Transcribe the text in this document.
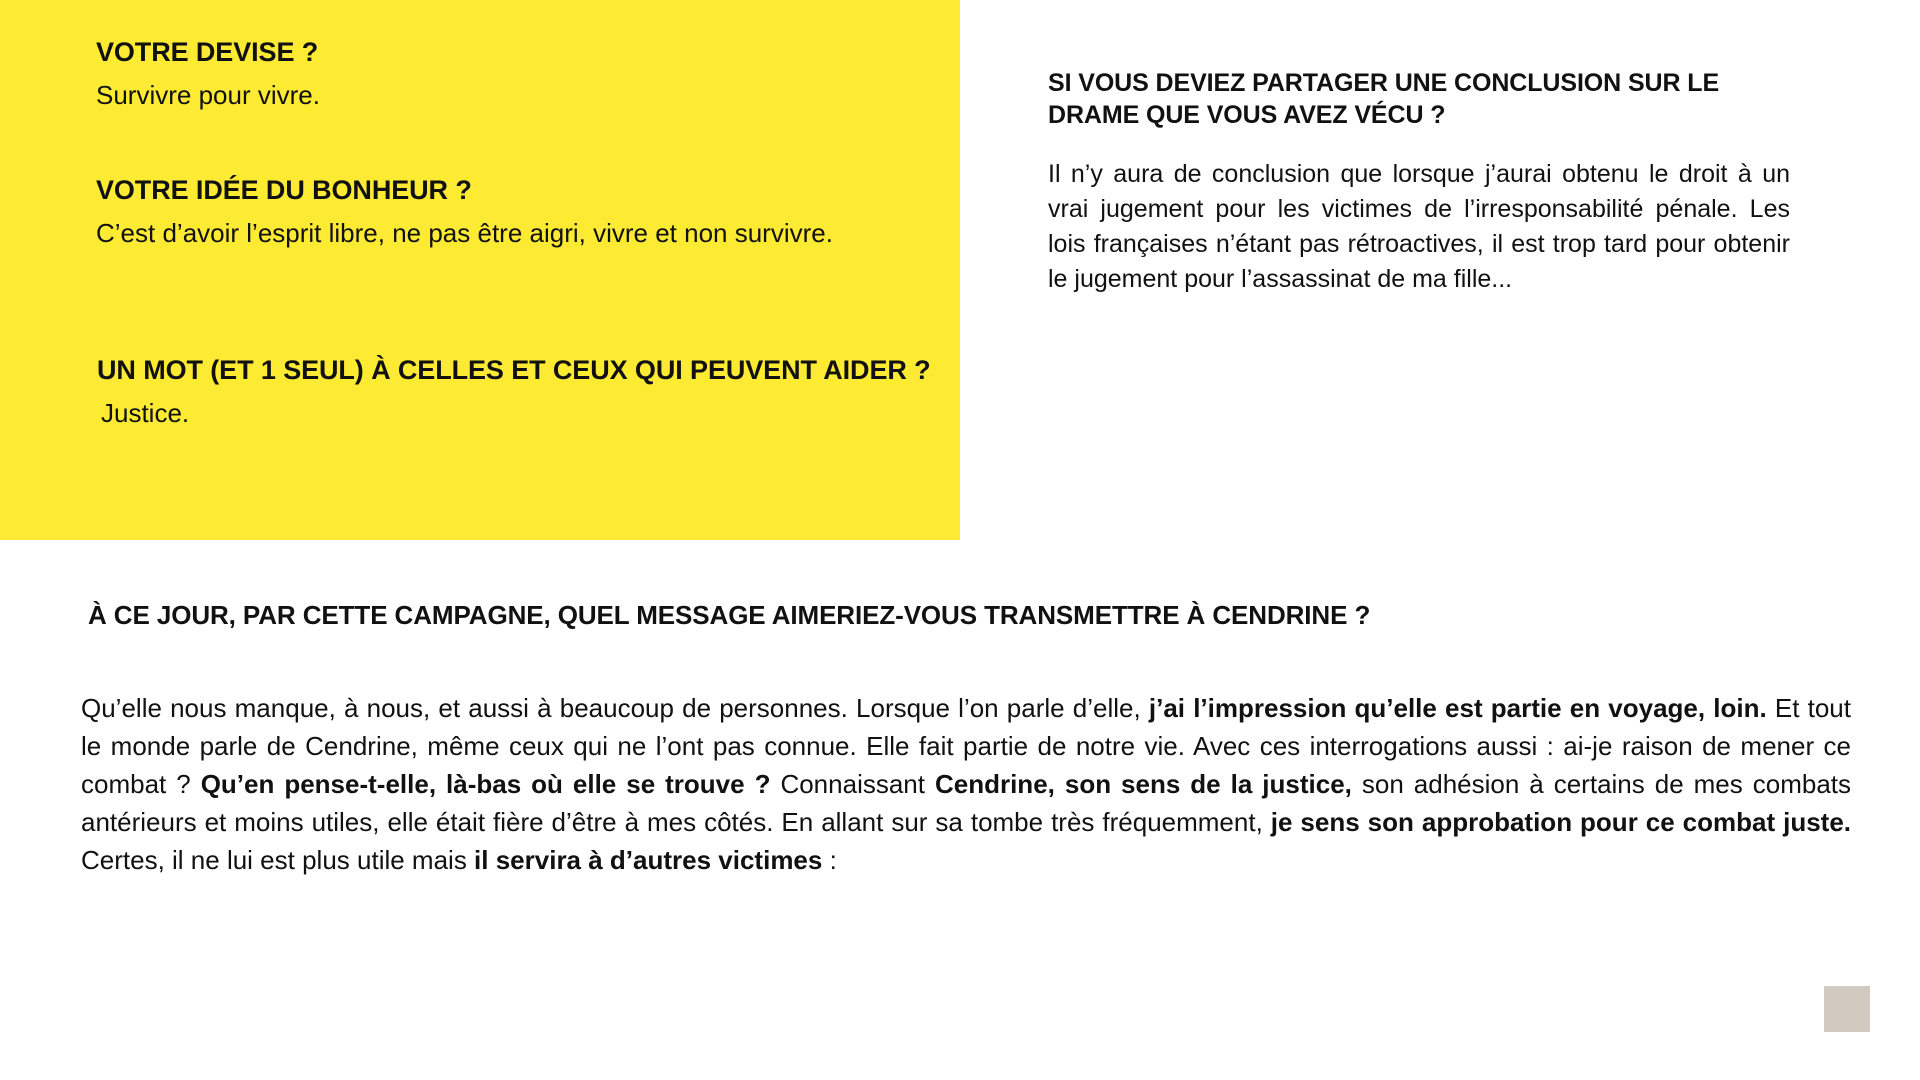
VOTRE DEVISE ?

Survivre pour vivre.

VOTRE IDÉE DU BONHEUR ?

C’est d’avoir l’esprit libre, ne pas être aigri, vivre et non survivre.

UN MOT (ET 1 SEUL) À CELLES ET CEUX QUI PEUVENT AIDER ?

Justice.

SI VOUS DEVIEZ PARTAGER UNE CONCLUSION SUR LE DRAME QUE VOUS AVEZ VÉCU ?

Il n’y aura de conclusion que lorsque j’aurai obtenu le droit à un vrai jugement pour les victimes de l’irresponsabilité pénale. Les lois françaises n’étant pas rétroactives, il est trop tard pour obtenir le jugement pour l’assassinat de ma fille...

À CE JOUR, PAR CETTE CAMPAGNE, QUEL MESSAGE AIMERIEZ-VOUS TRANSMETTRE À CENDRINE ?

Qu’elle nous manque, à nous, et aussi à beaucoup de personnes. Lorsque l’on parle d’elle, j’ai l’impression qu’elle est partie en voyage, loin. Et tout le monde parle de Cendrine, même ceux qui ne l’ont pas connue. Elle fait partie de notre vie. Avec ces interrogations aussi : ai-je raison de mener ce combat ? Qu’en pense-t-elle, là-bas où elle se trouve ? Connaissant Cendrine, son sens de la justice, son adhésion à certains de mes combats antérieurs et moins utiles, elle était fière d’être à mes côtés. En allant sur sa tombe très fréquemment, je sens son approbation pour ce combat juste. Certes, il ne lui est plus utile mais il servira à d’autres victimes :
